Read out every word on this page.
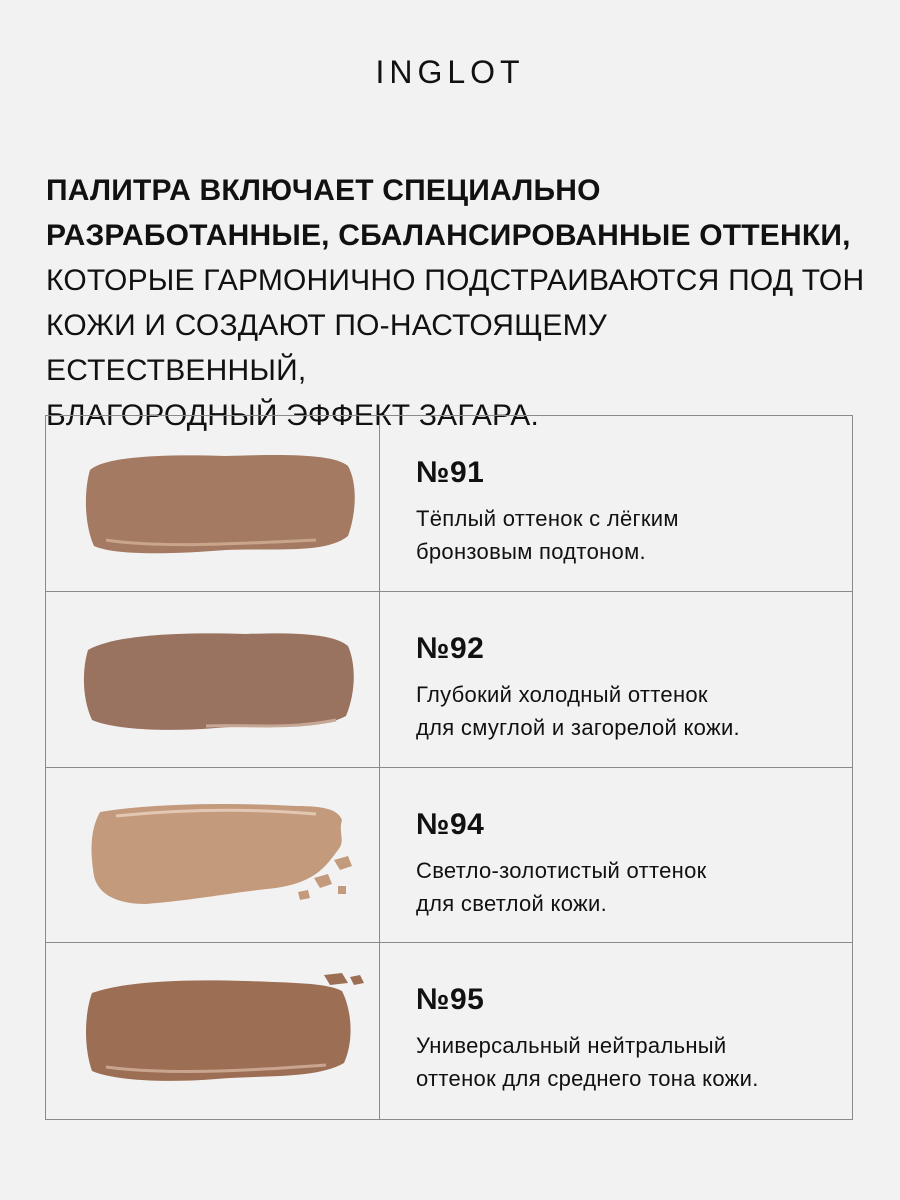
INGLOT
ПАЛИТРА ВКЛЮЧАЕТ СПЕЦИАЛЬНО
РАЗРАБОТАННЫЕ, СБАЛАНСИРОВАННЫЕ ОТТЕНКИ,
КОТОРЫЕ ГАРМОНИЧНО ПОДСТРАИВАЮТСЯ ПОД ТОН
КОЖИ И СОЗДАЮТ ПО-НАСТОЯЩЕМУ ЕСТЕСТВЕННЫЙ,
БЛАГОРОДНЫЙ ЭФФЕКТ ЗАГАРА.
№91
Тёплый оттенок с лёгким
бронзовым подтоном.
№92
Глубокий холодный оттенок
для смуглой и загорелой кожи.
№94
Светло-золотистый оттенок
для светлой кожи.
№95
Универсальный нейтральный
оттенок для среднего тона кожи.
